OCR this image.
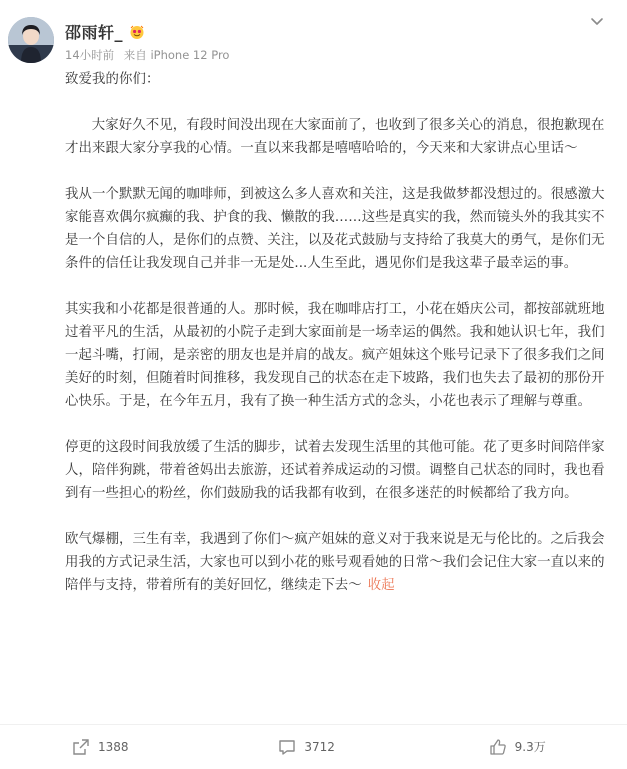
邵雨轩_
14小时前 来自 iPhone 12 Pro

致爱我的你们：

大家好久不见，有段时间没出现在大家面前了，也收到了很多关心的消息，很抱歉现在才出来跟大家分享我的心情。一直以来我都是嘻嘻哈哈的，今天来和大家讲点心里话～

我从一个默默无闻的咖啡师，到被这么多人喜欢和关注，这是我做梦都没想过的。很感激大家能喜欢偶尔疯癫的我、护食的我、懒散的我……这些是真实的我，然而镜头外的我其实不是一个自信的人，是你们的点赞、关注，以及花式鼓励与支持给了我莫大的勇气，是你们无条件的信任让我发现自己并非一无是处...人生至此，遇见你们是我这辈子最幸运的事。

其实我和小花都是很普通的人。那时候，我在咖啡店打工，小花在婚庆公司，都按部就班地过着平凡的生活，从最初的小院子走到大家面前是一场幸运的偶然。我和她认识七年，我们一起斗嘴，打闹，是亲密的朋友也是并肩的战友。疯产姐妹这个账号记录下了很多我们之间美好的时刻，但随着时间推移，我发现自己的状态在走下坡路，我们也失去了最初的那份开心快乐。于是，在今年五月，我有了换一种生活方式的念头，小花也表示了理解与尊重。

停更的这段时间我放缓了生活的脚步，试着去发现生活里的其他可能。花了更多时间陪伴家人，陪伴狗跳，带着爸妈出去旅游，还试着养成运动的习惯。调整自己状态的同时，我也看到有一些担心的粉丝，你们鼓励我的话我都有收到，在很多迷茫的时候都给了我方向。

欧气爆棚，三生有幸，我遇到了你们～疯产姐妹的意义对于我来说是无与伦比的。之后我会用我的方式记录生活，大家也可以到小花的账号观看她的日常～我们会记住大家一直以来的陪伴与支持，带着所有的美好回忆，继续走下去～ 收起

1388	3712	9.3万
